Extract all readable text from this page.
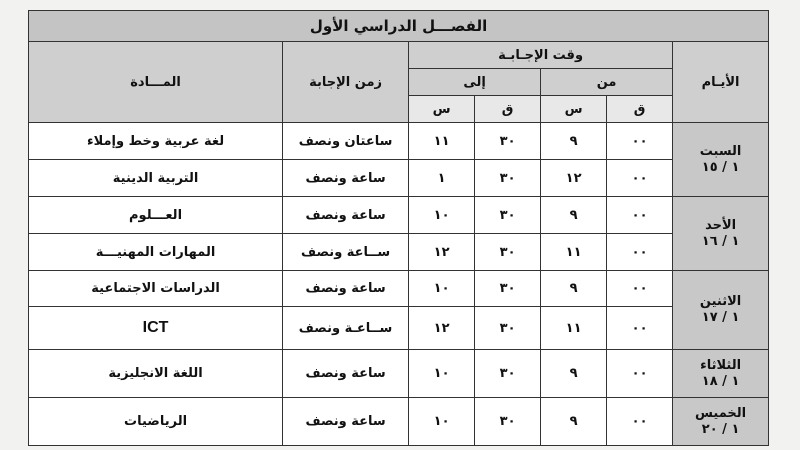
الفصـــل الدراسي الأول						
الأيـام	وقت الإجـابـة				زمن الإجابة	المـــادة
	من		إلى			
	ق	س	ق	س		

السبت
١ / ١٥	٠٠	٩	٣٠	١١	ساعتان ونصف	لغة عربية وخط وإملاء
	٠٠	١٢	٣٠	١	ساعة ونصف	التربية الدينية

الأحد
١ / ١٦	٠٠	٩	٣٠	١٠	ساعة ونصف	العـــلوم
	٠٠	١١	٣٠	١٢	ســاعة ونصف	المهارات المهنيـــة

الاثنين
١ / ١٧	٠٠	٩	٣٠	١٠	ساعة ونصف	الدراسات الاجتماعية
	٠٠	١١	٣٠	١٢	ســاعـة ونصف	ICT

الثلاثاء
١ / ١٨	٠٠	٩	٣٠	١٠	ساعة ونصف	اللغة الانجليزية

الخميس
١ / ٢٠	٠٠	٩	٣٠	١٠	ساعة ونصف	الرياضيات
